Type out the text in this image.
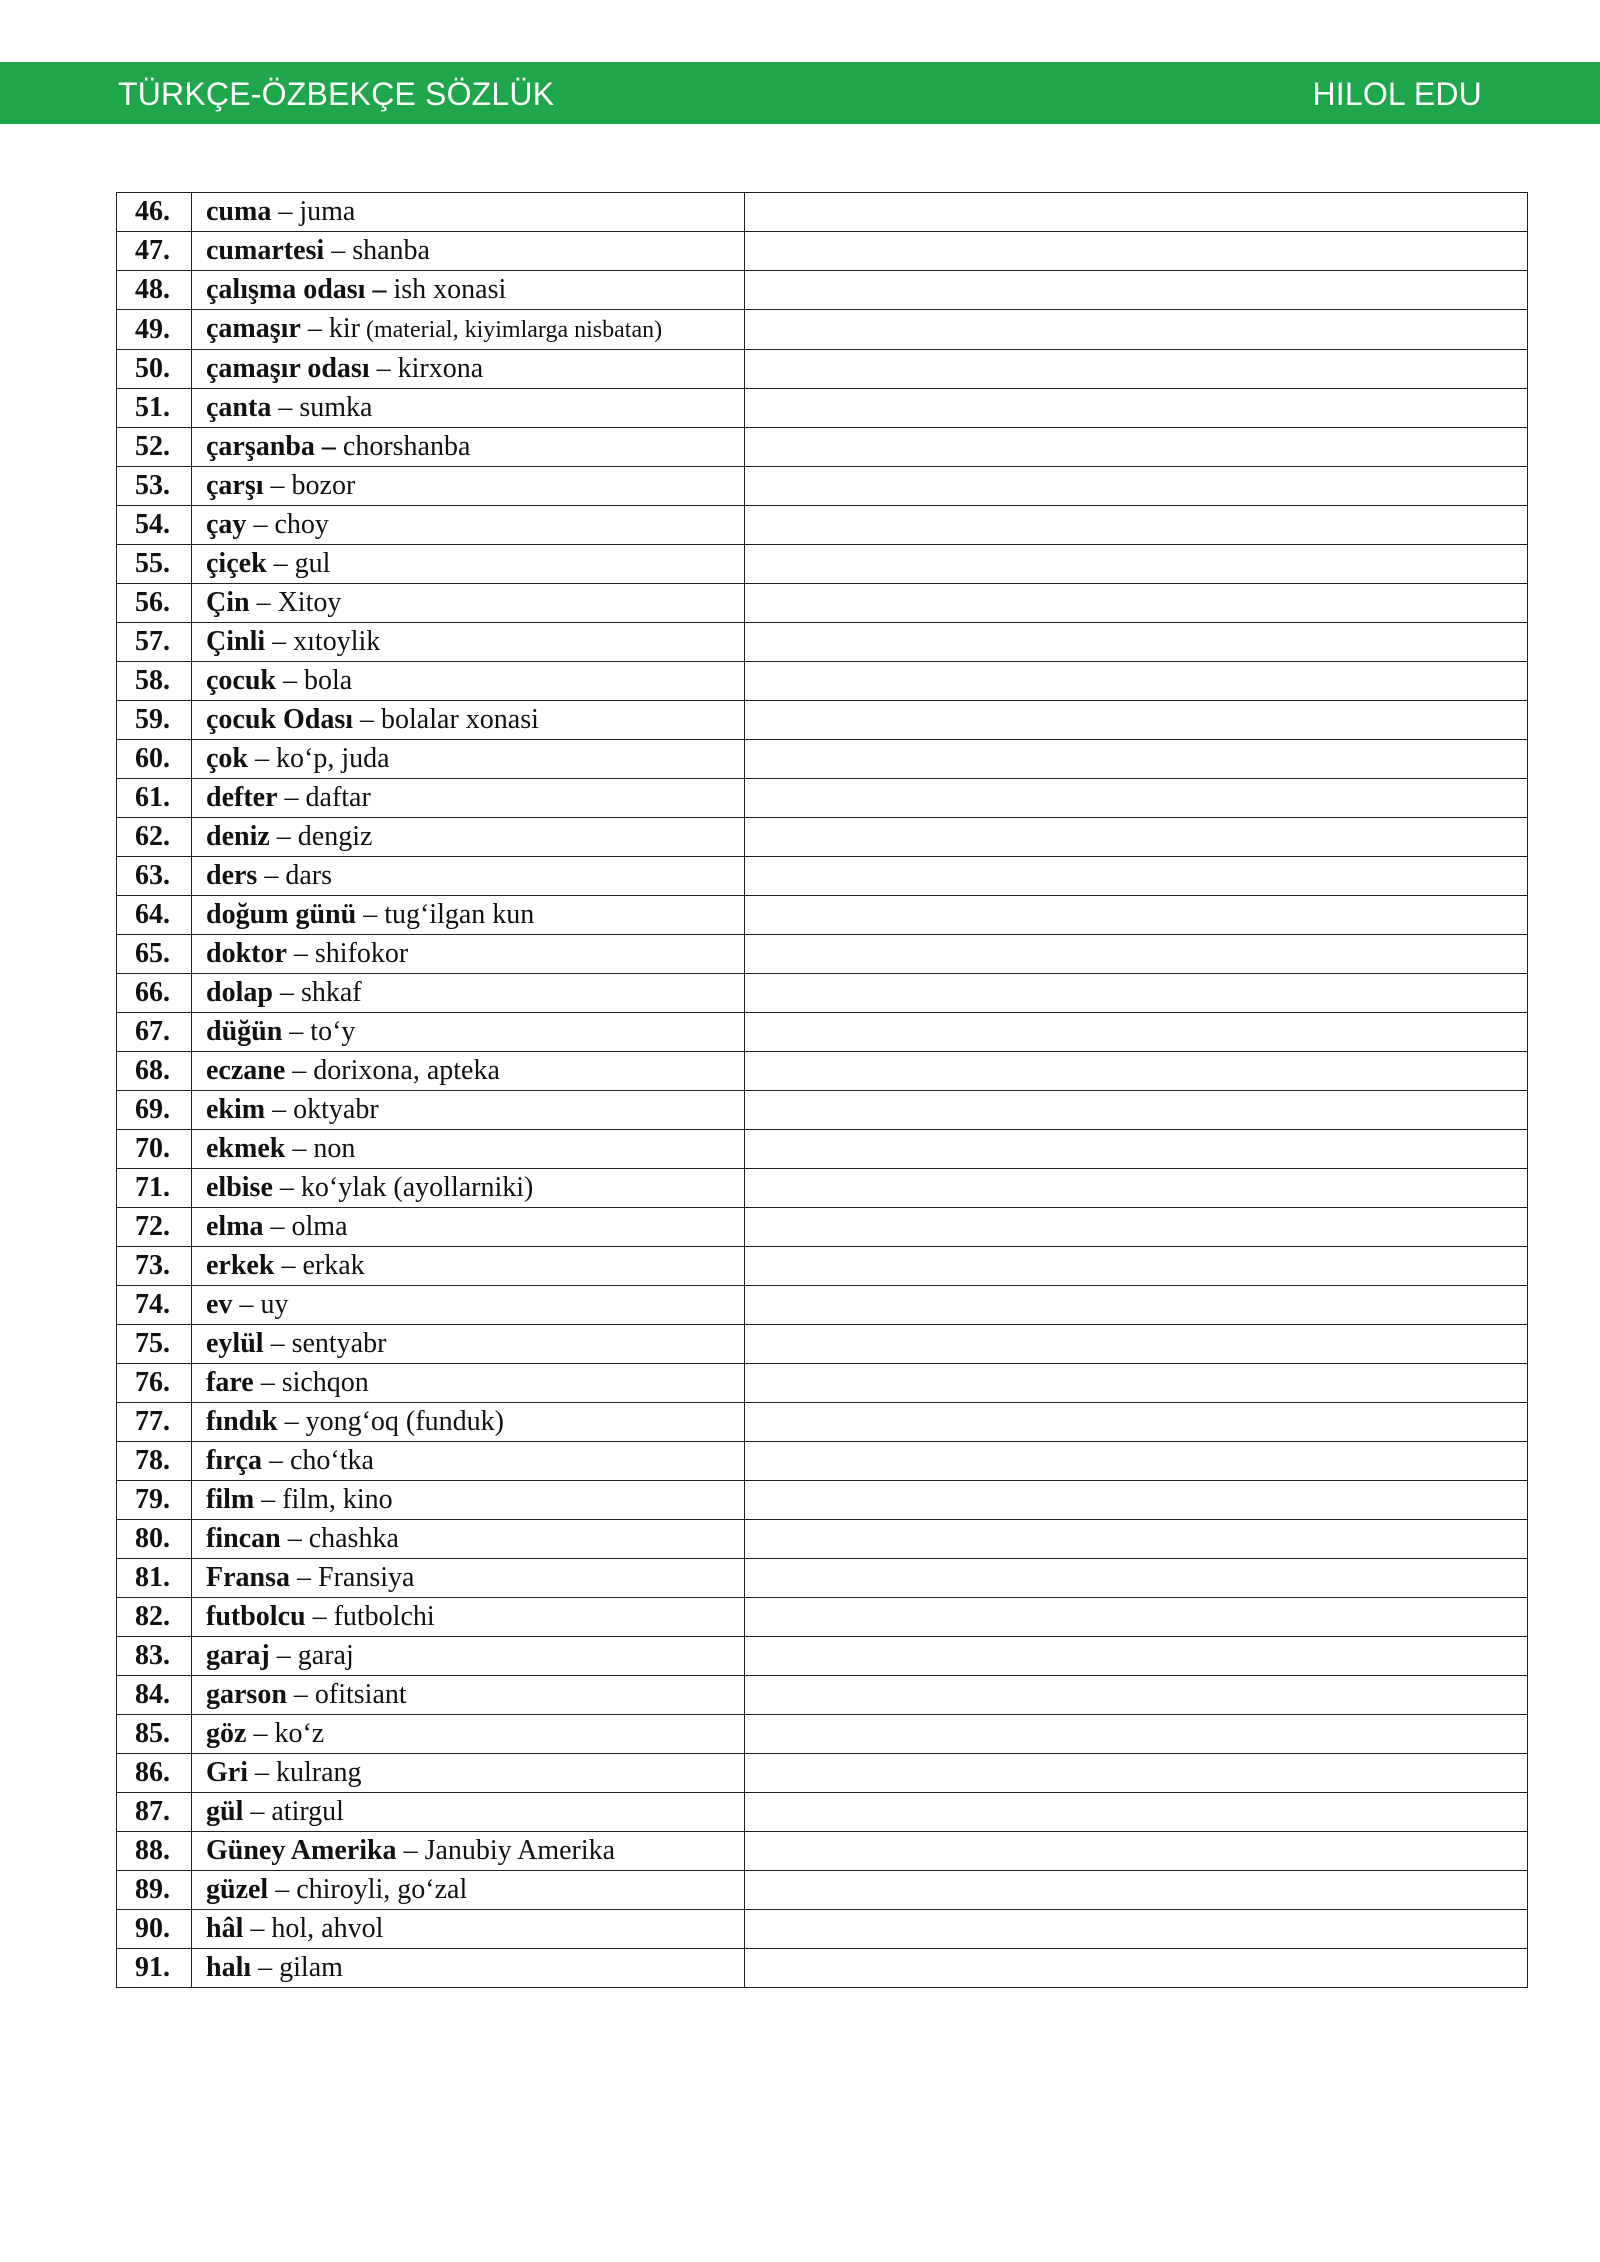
TÜRKÇE-ÖZBEKÇE SÖZLÜK	HILOL EDU
46.	cuma – juma	
47.	cumartesi – shanba	
48.	çalışma odası – ish xonasi	
49.	çamaşır – kir (material, kiyimlarga nisbatan)	
50.	çamaşır odası – kirxona	
51.	çanta – sumka	
52.	çarşanba – chorshanba	
53.	çarşı – bozor	
54.	çay – choy	
55.	çiçek – gul	
56.	Çin – Xitoy	
57.	Çinli – xıtoylik	
58.	çocuk – bola	
59.	çocuk Odası – bolalar xonasi	
60.	çok – koʻp, juda	
61.	defter – daftar	
62.	deniz – dengiz	
63.	ders – dars	
64.	doğum günü – tugʻilgan kun	
65.	doktor – shifokor	
66.	dolap – shkaf	
67.	düğün – toʻy	
68.	eczane – dorixona, apteka	
69.	ekim – oktyabr	
70.	ekmek – non	
71.	elbise – koʻylak (ayollarniki)	
72.	elma – olma	
73.	erkek – erkak	
74.	ev – uy	
75.	eylül – sentyabr	
76.	fare – sichqon	
77.	fındık – yongʻoq (funduk)	
78.	fırça – choʻtka	
79.	film – film, kino	
80.	fincan – chashka	
81.	Fransa – Fransiya	
82.	futbolcu – futbolchi	
83.	garaj – garaj	
84.	garson – ofitsiant	
85.	göz – koʻz	
86.	Gri – kulrang	
87.	gül – atirgul	
88.	Güney Amerika – Janubiy Amerika	
89.	güzel – chiroyli, goʻzal	
90.	hâl – hol, ahvol	
91.	halı – gilam	
